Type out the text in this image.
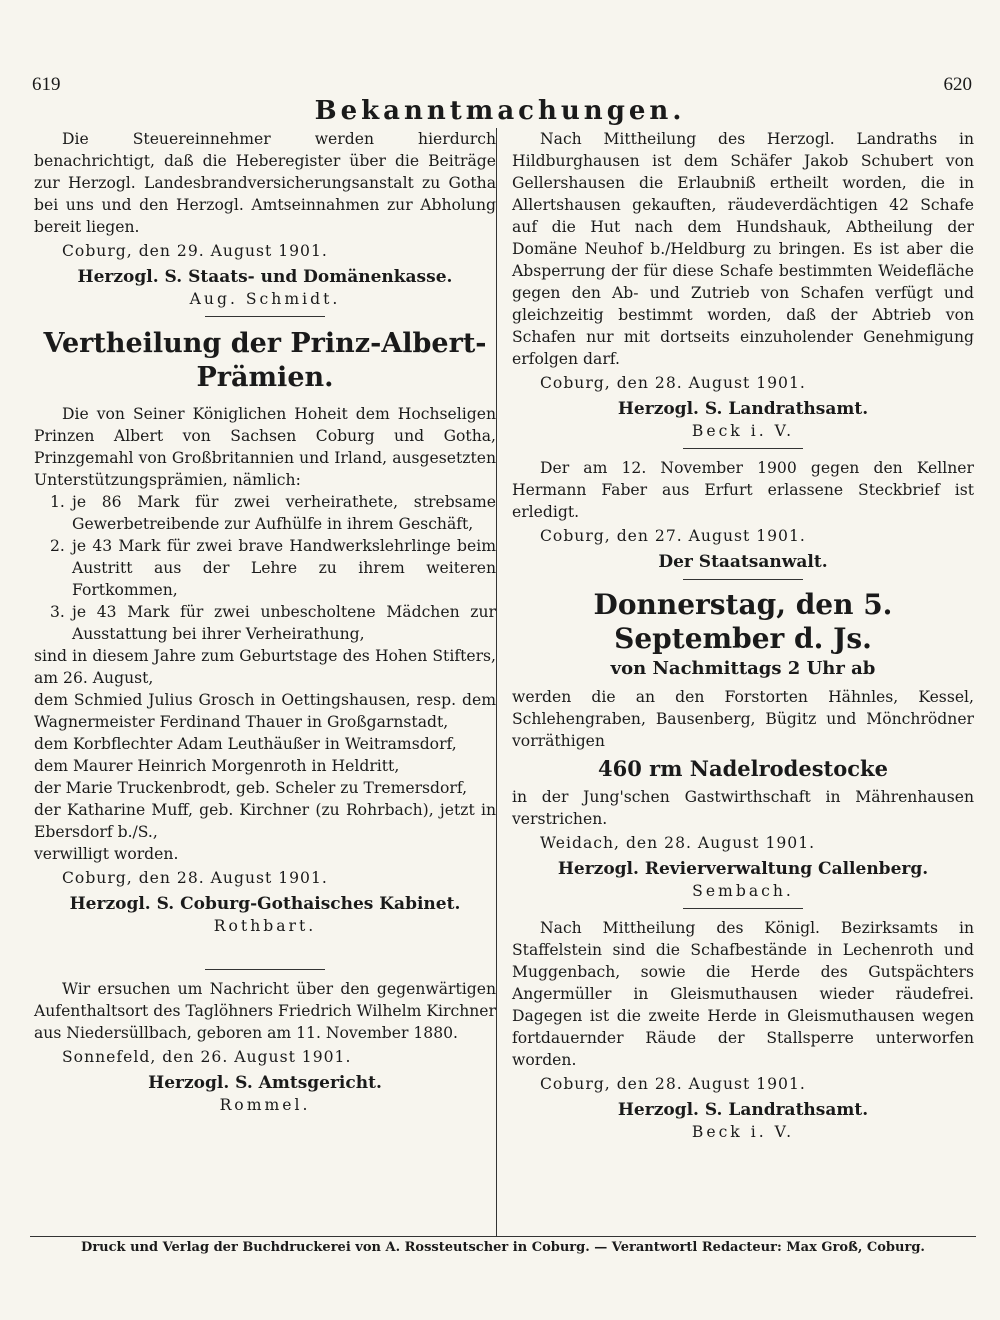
619	620
Bekanntmachungen.

Die Steuereinnehmer werden hierdurch benachrichtigt, daß die Heberegister über die Beiträge zur Herzogl. Landesbrandversicherungsanstalt zu Gotha bei uns und den Herzogl. Amtseinnahmen zur Abholung bereit liegen.

Coburg, den 29. August 1901.

Herzogl. S. Staats- und Domänenkasse.

Aug. Schmidt.

Vertheilung der Prinz-Albert-Prämien.

Die von Seiner Königlichen Hoheit dem Hochseligen Prinzen Albert von Sachsen Coburg und Gotha, Prinzgemahl von Großbritannien und Irland, ausgesetzten Unterstützungsprämien, nämlich:

1. je 86 Mark für zwei verheirathete, strebsame Gewerbetreibende zur Aufhülfe in ihrem Geschäft,
2. je 43 Mark für zwei brave Handwerkslehrlinge beim Austritt aus der Lehre zu ihrem weiteren Fortkommen,
3. je 43 Mark für zwei unbescholtene Mädchen zur Ausstattung bei ihrer Verheirathung,

sind in diesem Jahre zum Geburtstage des Hohen Stifters, am 26. August,

dem Schmied Julius Grosch in Oettingshausen, resp. dem Wagnermeister Ferdinand Thauer in Großgarnstadt,

dem Korbflechter Adam Leuthäußer in Weitramsdorf,

dem Maurer Heinrich Morgenroth in Heldritt,

der Marie Truckenbrodt, geb. Scheler zu Tremersdorf,

der Katharine Muff, geb. Kirchner (zu Rohrbach), jetzt in Ebersdorf b./S.,

verwilligt worden.

Coburg, den 28. August 1901.

Herzogl. S. Coburg-Gothaisches Kabinet.

Rothbart.

Wir ersuchen um Nachricht über den gegenwärtigen Aufenthaltsort des Taglöhners Friedrich Wilhelm Kirchner aus Niedersüllbach, geboren am 11. November 1880.

Sonnefeld, den 26. August 1901.

Herzogl. S. Amtsgericht.

Rommel.

Nach Mittheilung des Herzogl. Landraths in Hildburghausen ist dem Schäfer Jakob Schubert von Gellershausen die Erlaubniß ertheilt worden, die in Allertshausen gekauften, räudeverdächtigen 42 Schafe auf die Hut nach dem Hundshauk, Abtheilung der Domäne Neuhof b./Heldburg zu bringen. Es ist aber die Absperrung der für diese Schafe bestimmten Weidefläche gegen den Ab- und Zutrieb von Schafen verfügt und gleichzeitig bestimmt worden, daß der Abtrieb von Schafen nur mit dortseits einzuholender Genehmigung erfolgen darf.

Coburg, den 28. August 1901.

Herzogl. S. Landrathsamt.

Beck i. V.

Der am 12. November 1900 gegen den Kellner Hermann Faber aus Erfurt erlassene Steckbrief ist erledigt.

Coburg, den 27. August 1901.

Der Staatsanwalt.

Donnerstag, den 5. September d. Js.
von Nachmittags 2 Uhr ab

werden die an den Forstorten Hähnles, Kessel, Schlehengraben, Bausenberg, Bügitz und Mönchrödner vorräthigen

460 rm Nadelrodestocke

in der Jung'schen Gastwirthschaft in Mährenhausen verstrichen.

Weidach, den 28. August 1901.

Herzogl. Revierverwaltung Callenberg.

Sembach.

Nach Mittheilung des Königl. Bezirksamts in Staffelstein sind die Schafbestände in Lechenroth und Muggenbach, sowie die Herde des Gutspächters Angermüller in Gleismuthausen wieder räudefrei. Dagegen ist die zweite Herde in Gleismuthausen wegen fortdauernder Räude der Stallsperre unterworfen worden.

Coburg, den 28. August 1901.

Herzogl. S. Landrathsamt.

Beck i. V.

Druck und Verlag der Buchdruckerei von A. Rossteutscher in Coburg. — Verantwortl Redacteur: Max Groß, Coburg.
